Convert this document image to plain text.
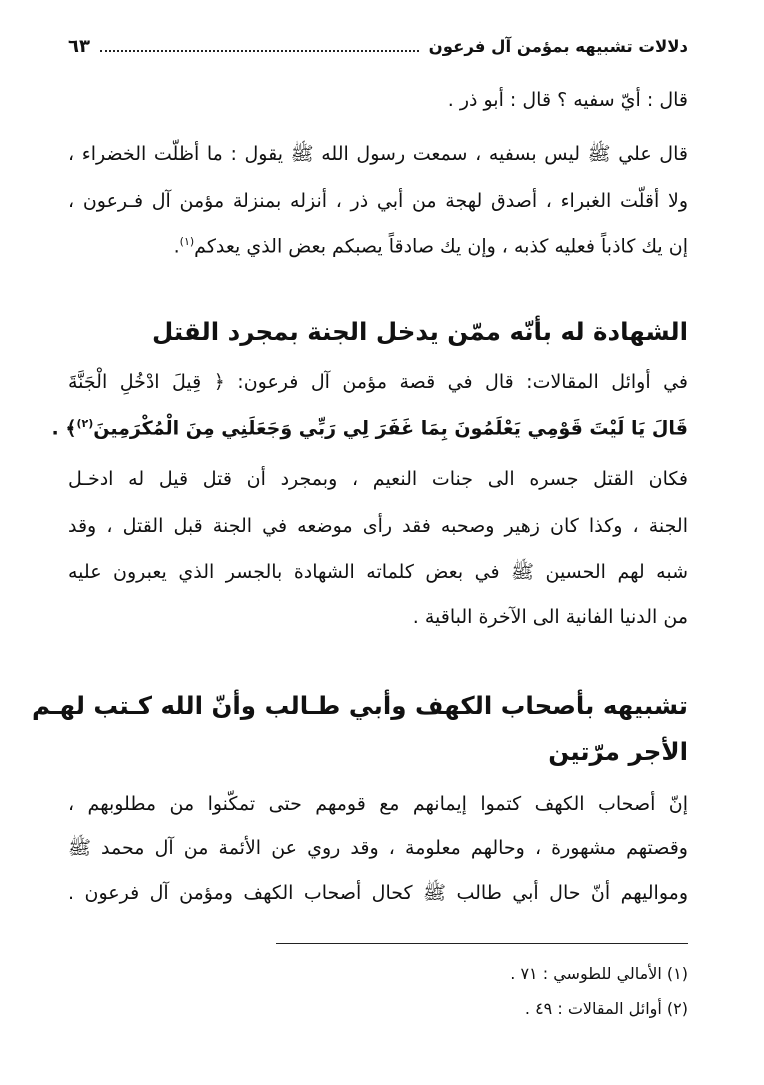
دلالات تشبيهه بمؤمن آل فرعون
٦٣
قال : أيّ سفيه ؟ قال : أبو ذر .
قال علي ﷺ ليس بسفيه ، سمعت رسول الله ﷺ يقول : ما أظلّت الخضراء ،
ولا أقلّت الغبراء ، أصدق لهجة من أبي ذر ، أنزله بمنزلة مؤمن آل فـرعون ،
إن يك كاذباً فعليه كذبه ، وإن يك صادقاً يصبكم بعض الذي يعدكم$^{(١)}$.
الشهادة له بأنّه ممّن يدخل الجنة بمجرد القتل
في أوائل المقالات: قال في قصة مؤمن آل فرعون: ﴿ قِيلَ ادْخُلِ الْجَنَّةَ
قَالَ يَا لَيْتَ قَوْمِي يَعْلَمُونَ بِمَا غَفَرَ لِي رَبِّي وَجَعَلَنِي مِنَ الْمُكْرَمِينَ$^{(٢)}$﴾ .
فكان القتل جسره الى جنات النعيم ، وبمجرد أن قتل قيل له ادخـل
الجنة ، وكذا كان زهير وصحبه فقد رأى موضعه في الجنة قبل القتل ، وقد
شبه لهم الحسين ﷺ في بعض كلماته الشهادة بالجسر الذي يعبرون عليه
من الدنيا الفانية الى الآخرة الباقية .
تشبيهه بأصحاب الكهف وأبي طـالب وأنّ الله كـتب لهـم
الأجر مرّتين
إنّ أصحاب الكهف كتموا إيمانهم مع قومهم حتى تمكّنوا من مطلوبهم ،
وقصتهم مشهورة ، وحالهم معلومة ، وقد روي عن الأئمة من آل محمد ﷺ
ومواليهم أنّ حال أبي طالب ﷺ كحال أصحاب الكهف ومؤمن آل فرعون .
(١) الأمالي للطوسي : ٧١ .
(٢) أوائل المقالات : ٤٩ .
